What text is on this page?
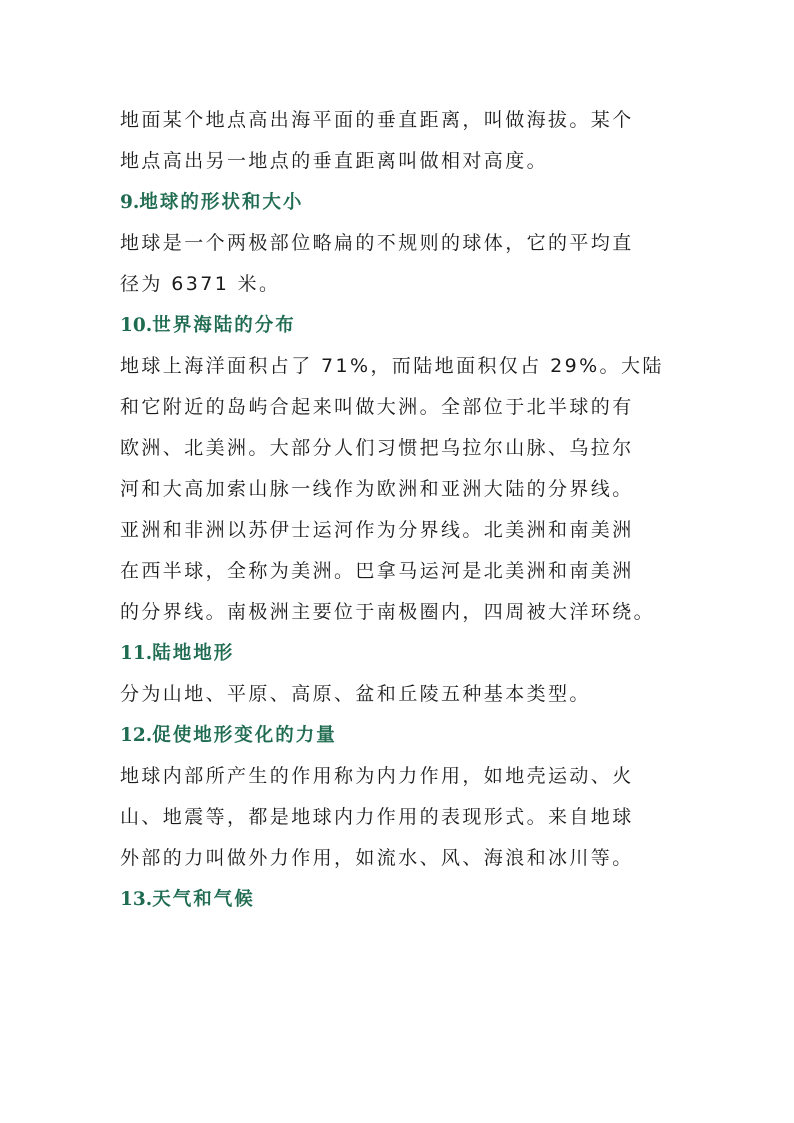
地面某个地点高出海平面的垂直距离，叫做海拔。某个
地点高出另一地点的垂直距离叫做相对高度。

9.地球的形状和大小

地球是一个两极部位略扁的不规则的球体，它的平均直
径为 6371 米。

10.世界海陆的分布

地球上海洋面积占了 71%，而陆地面积仅占 29%。大陆
和它附近的岛屿合起来叫做大洲。全部位于北半球的有
欧洲、北美洲。大部分人们习惯把乌拉尔山脉、乌拉尔
河和大高加索山脉一线作为欧洲和亚洲大陆的分界线。
亚洲和非洲以苏伊士运河作为分界线。北美洲和南美洲
在西半球，全称为美洲。巴拿马运河是北美洲和南美洲
的分界线。南极洲主要位于南极圈内，四周被大洋环绕。

11.陆地地形

分为山地、平原、高原、盆和丘陵五种基本类型。

12.促使地形变化的力量

地球内部所产生的作用称为内力作用，如地壳运动、火
山、地震等，都是地球内力作用的表现形式。来自地球
外部的力叫做外力作用，如流水、风、海浪和冰川等。

13.天气和气候
